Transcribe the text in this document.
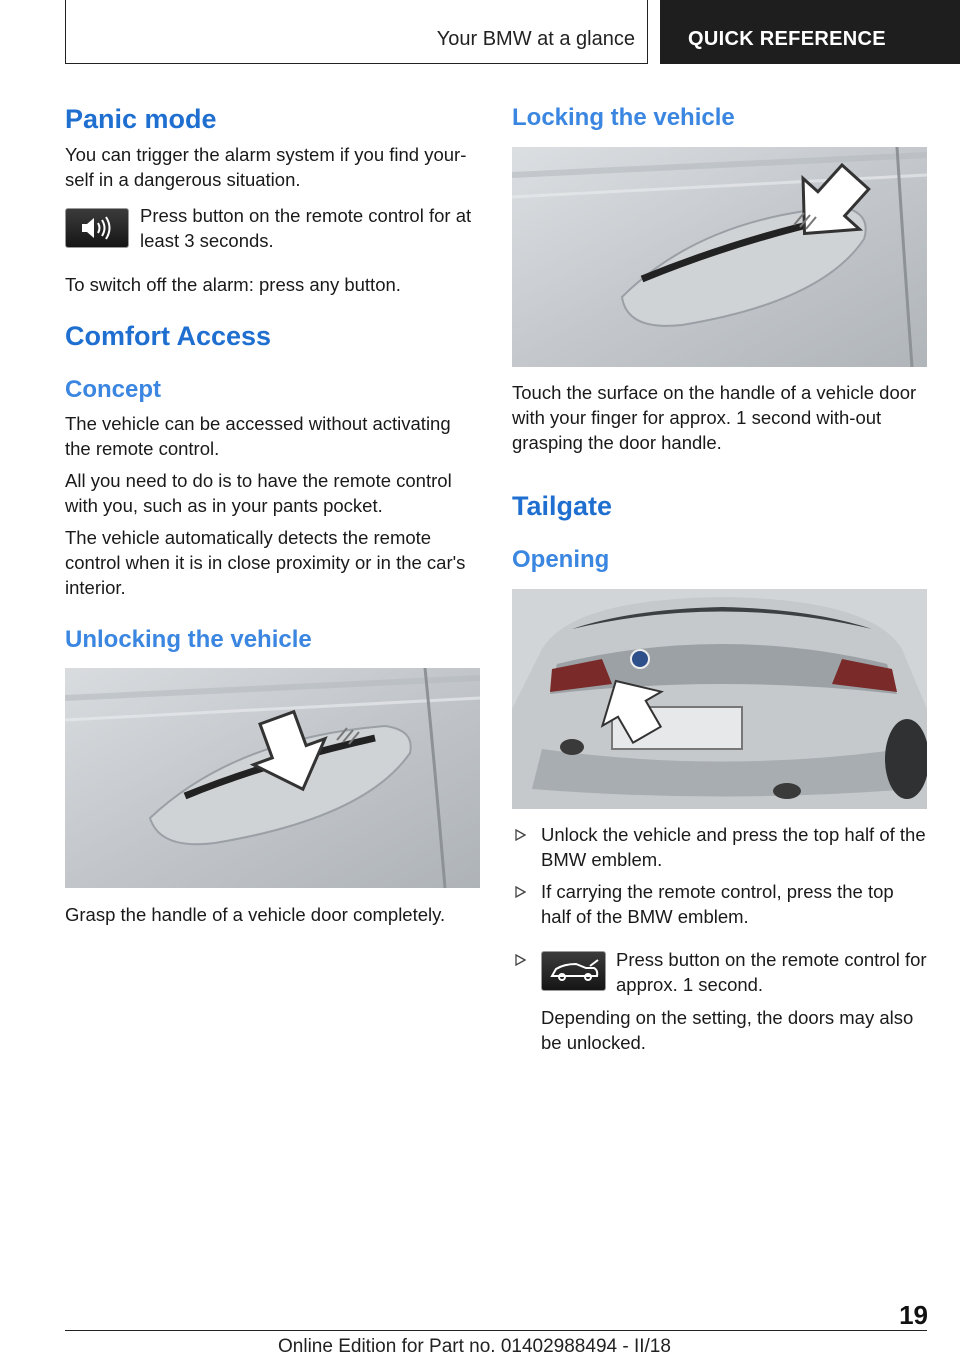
Your BMW at a glance	QUICK REFERENCE
Panic mode

You can trigger the alarm system if you find your-self in a dangerous situation.

Press button on the remote control for at least 3 seconds.

To switch off the alarm: press any button.

Comfort Access
Concept

The vehicle can be accessed without activating the remote control.

All you need to do is to have the remote control with you, such as in your pants pocket.

The vehicle automatically detects the remote control when it is in close proximity or in the car's interior.

Unlocking the vehicle

Grasp the handle of a vehicle door completely.

Locking the vehicle

Touch the surface on the handle of a vehicle door with your finger for approx. 1 second with-out grasping the door handle.

Tailgate
Opening

Unlock the vehicle and press the top half of the BMW emblem.

If carrying the remote control, press the top half of the BMW emblem.

Press button on the remote control for approx. 1 second.

Depending on the setting, the doors may also be unlocked.

19
Online Edition for Part no. 01402988494 - II/18
